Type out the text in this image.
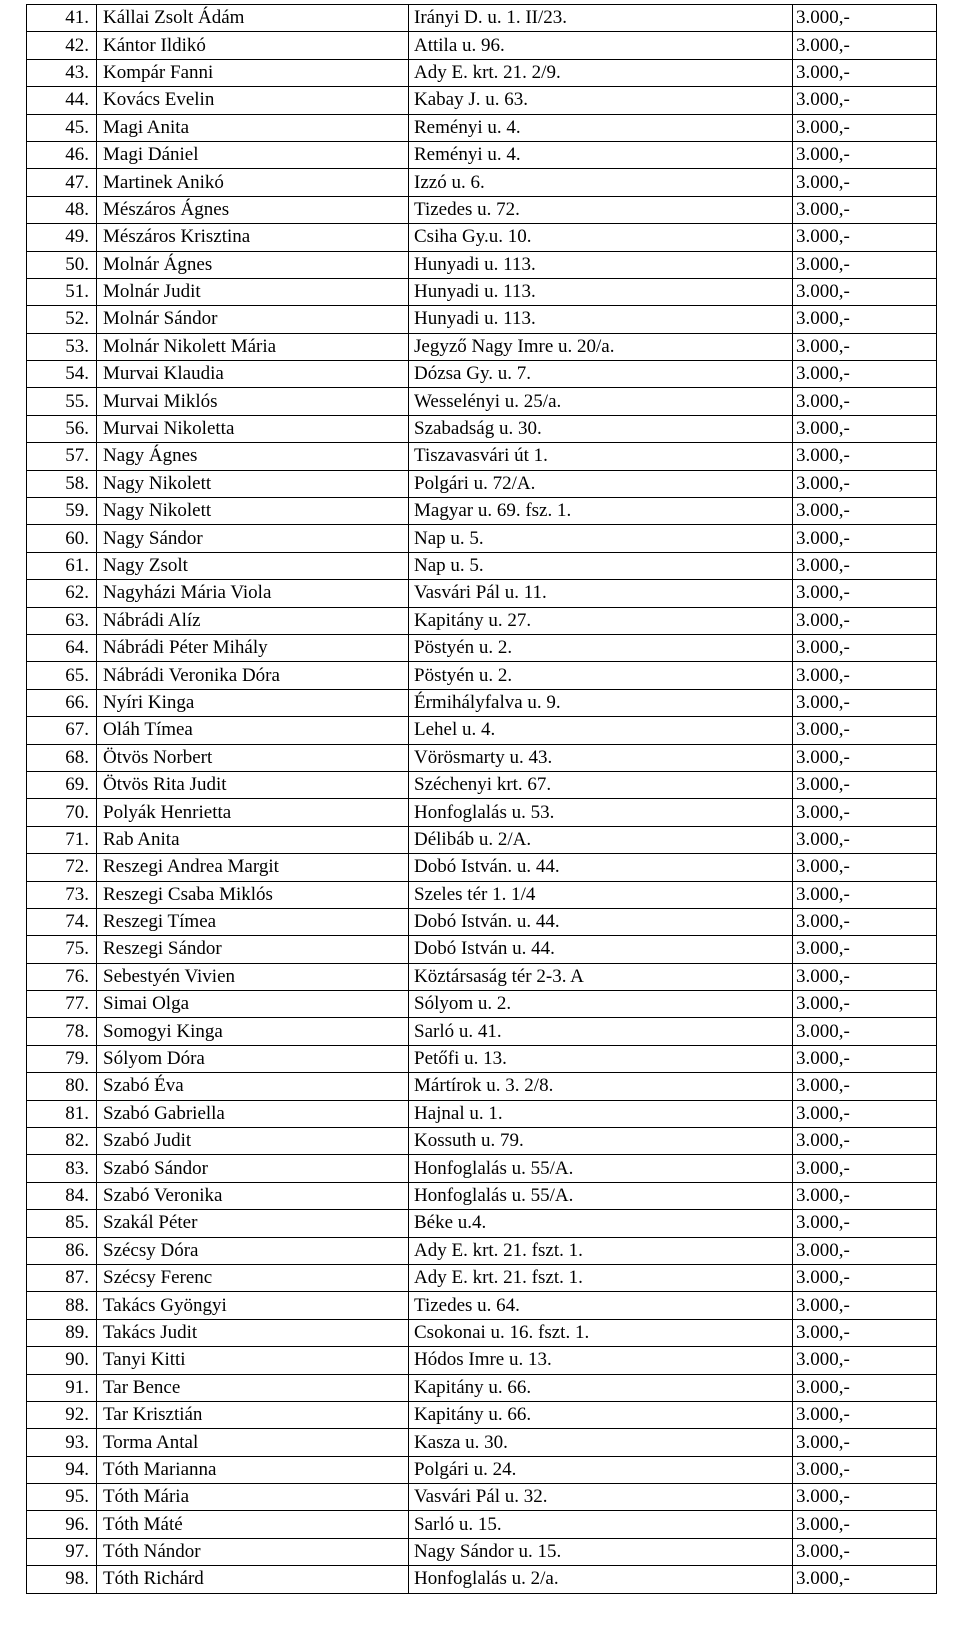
41.	Kállai Zsolt Ádám	Irányi D. u. 1. II/23.	3.000,-
42.	Kántor Ildikó	Attila u. 96.	3.000,-
43.	Kompár Fanni	Ady E. krt. 21. 2/9.	3.000,-
44.	Kovács Evelin	Kabay J. u. 63.	3.000,-
45.	Magi Anita	Reményi u. 4.	3.000,-
46.	Magi Dániel	Reményi u. 4.	3.000,-
47.	Martinek Anikó	Izzó u. 6.	3.000,-
48.	Mészáros Ágnes	Tizedes u. 72.	3.000,-
49.	Mészáros Krisztina	Csiha Gy.u. 10.	3.000,-
50.	Molnár Ágnes	Hunyadi u. 113.	3.000,-
51.	Molnár Judit	Hunyadi u. 113.	3.000,-
52.	Molnár Sándor	Hunyadi u. 113.	3.000,-
53.	Molnár Nikolett Mária	Jegyző Nagy Imre u. 20/a.	3.000,-
54.	Murvai Klaudia	Dózsa Gy. u. 7.	3.000,-
55.	Murvai Miklós	Wesselényi u. 25/a.	3.000,-
56.	Murvai Nikoletta	Szabadság u. 30.	3.000,-
57.	Nagy Ágnes	Tiszavasvári út 1.	3.000,-
58.	Nagy Nikolett	Polgári u. 72/A.	3.000,-
59.	Nagy Nikolett	Magyar u. 69. fsz. 1.	3.000,-
60.	Nagy Sándor	Nap u. 5.	3.000,-
61.	Nagy Zsolt	Nap u. 5.	3.000,-
62.	Nagyházi Mária Viola	Vasvári Pál u. 11.	3.000,-
63.	Nábrádi Alíz	Kapitány u. 27.	3.000,-
64.	Nábrádi Péter Mihály	Pöstyén u. 2.	3.000,-
65.	Nábrádi Veronika Dóra	Pöstyén u. 2.	3.000,-
66.	Nyíri Kinga	Érmihályfalva u. 9.	3.000,-
67.	Oláh Tímea	Lehel u. 4.	3.000,-
68.	Ötvös Norbert	Vörösmarty u. 43.	3.000,-
69.	Ötvös Rita Judit	Széchenyi krt. 67.	3.000,-
70.	Polyák Henrietta	Honfoglalás u. 53.	3.000,-
71.	Rab Anita	Délibáb u. 2/A.	3.000,-
72.	Reszegi Andrea Margit	Dobó István. u. 44.	3.000,-
73.	Reszegi Csaba Miklós	Szeles tér 1. 1/4	3.000,-
74.	Reszegi Tímea	Dobó István. u. 44.	3.000,-
75.	Reszegi Sándor	Dobó István u. 44.	3.000,-
76.	Sebestyén Vivien	Köztársaság tér 2-3. A	3.000,-
77.	Simai Olga	Sólyom u. 2.	3.000,-
78.	Somogyi Kinga	Sarló u. 41.	3.000,-
79.	Sólyom Dóra	Petőfi u. 13.	3.000,-
80.	Szabó Éva	Mártírok u. 3. 2/8.	3.000,-
81.	Szabó Gabriella	Hajnal u. 1.	3.000,-
82.	Szabó Judit	Kossuth u. 79.	3.000,-
83.	Szabó Sándor	Honfoglalás u. 55/A.	3.000,-
84.	Szabó Veronika	Honfoglalás u. 55/A.	3.000,-
85.	Szakál Péter	Béke u.4.	3.000,-
86.	Szécsy Dóra	Ady E. krt. 21. fszt. 1.	3.000,-
87.	Szécsy Ferenc	Ady E. krt. 21. fszt. 1.	3.000,-
88.	Takács Gyöngyi	Tizedes u. 64.	3.000,-
89.	Takács Judit	Csokonai u. 16. fszt. 1.	3.000,-
90.	Tanyi Kitti	Hódos Imre u. 13.	3.000,-
91.	Tar Bence	Kapitány u. 66.	3.000,-
92.	Tar Krisztián	Kapitány u. 66.	3.000,-
93.	Torma Antal	Kasza u. 30.	3.000,-
94.	Tóth Marianna	Polgári u. 24.	3.000,-
95.	Tóth Mária	Vasvári Pál u. 32.	3.000,-
96.	Tóth Máté	Sarló u. 15.	3.000,-
97.	Tóth Nándor	Nagy Sándor u. 15.	3.000,-
98.	Tóth Richárd	Honfoglalás u. 2/a.	3.000,-
